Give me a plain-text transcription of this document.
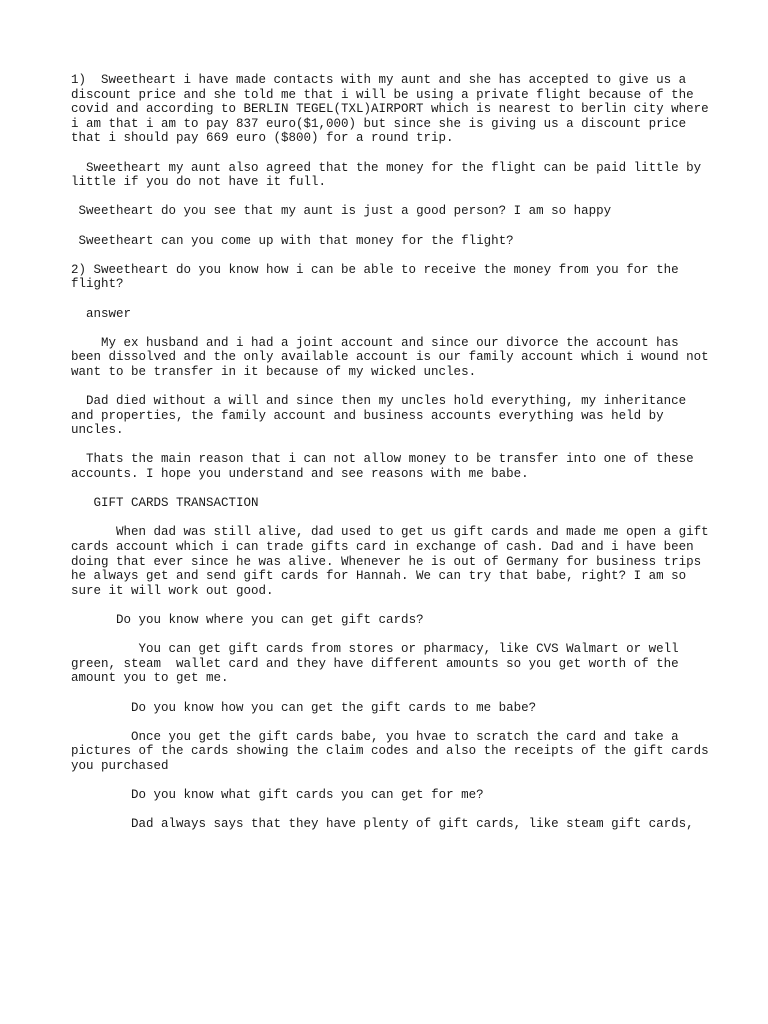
1)  Sweetheart i have made contacts with my aunt and she has accepted to give us a discount price and she told me that i will be using a private flight because of the covid and according to BERLIN TEGEL(TXL)AIRPORT which is nearest to berlin city where i am that i am to pay 837 euro($1,000) but since she is giving us a discount price that i should pay 669 euro ($800) for a round trip.

Sweetheart my aunt also agreed that the money for the flight can be paid little by little if you do not have it full.

Sweetheart do you see that my aunt is just a good person? I am so happy

Sweetheart can you come up with that money for the flight?

2) Sweetheart do you know how i can be able to receive the money from you for the flight?

answer

My ex husband and i had a joint account and since our divorce the account has been dissolved and the only available account is our family account which i wound not want to be transfer in it because of my wicked uncles.

Dad died without a will and since then my uncles hold everything, my inheritance and properties, the family account and business accounts everything was held by uncles.

Thats the main reason that i can not allow money to be transfer into one of these accounts. I hope you understand and see reasons with me babe.

GIFT CARDS TRANSACTION

When dad was still alive, dad used to get us gift cards and made me open a gift cards account which i can trade gifts card in exchange of cash. Dad and i have been doing that ever since he was alive. Whenever he is out of Germany for business trips he always get and send gift cards for Hannah. We can try that babe, right? I am so sure it will work out good.

Do you know where you can get gift cards?

You can get gift cards from stores or pharmacy, like CVS Walmart or well green, steam  wallet card and they have different amounts so you get worth of the amount you to get me.

Do you know how you can get the gift cards to me babe?

Once you get the gift cards babe, you hvae to scratch the card and take a pictures of the cards showing the claim codes and also the receipts of the gift cards you purchased

Do you know what gift cards you can get for me?

Dad always says that they have plenty of gift cards, like steam gift cards,
